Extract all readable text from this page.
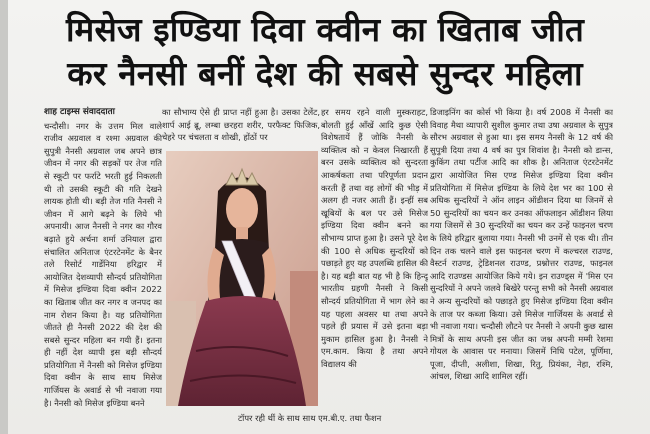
मिसेज इण्डिया दिवा क्वीन का खिताब जीत
कर नैनसी बनीं देश की सबसे सुन्दर महिला
शाह टाइम्स संवाददाता

चन्दौसी। नगर के उत्तम मिल वाले राजीव अग्रवाल व रश्मा अग्रवाल की सुपुत्री नैनसी अग्रवाल जब अपने छात्र जीवन में नगर की सड़कों पर तेज गति से स्कूटी पर फर्राटे भरती हुई निकलती थी तो उसकी स्कूटी की गति देखने लायक होती थी। बड़ी तेज गति नैनसी ने जीवन में आगे बढ़ने के लिये भी अपनायी। आज नैनसी ने नगर का गौरव बढ़ाते हुये अर्चना शर्मा उनियाल द्वारा संचालित अनिताज एंटरटेनमेंट के बैनर तले रिसोर्ट गार्डेनिया हरिद्वार में आयोजित देशव्यापी सौन्दर्य प्रतियोगिता में मिसेज इण्डिया दिवा क्वीन 2022 का खिताब जीत कर नगर व जनपद का नाम रोशन किया है। यह प्रतियोगिता जीतते ही नैनसी 2022 की देश की सबसे सुन्दर महिला बन गयी हैं। इतना ही नहीं देश व्यापी इस बड़ी सौन्दर्य प्रतियोगिता में नैनसी को मिसेज इण्डिया दिवा क्वीन के साथ साथ मिसेज गार्जियस के अवार्ड से भी नवाजा गया है। नैनसी को मिसेज इण्डिया बनने

का सौभाग्य ऐसे ही प्राप्त नहीं हुआ है। उसका टेलेंट, शार्प आई ब्रू, लम्बा छरहरा शरीर, परफैक्ट फिजिक, चेहरे पर चंचलता व शोखी, होंठों पर

टॉपर रही थीं के साथ साथ एम.बी.ए. तथा फैशन

हर समय रहने वाली मुस्कराहट, बोलती हुई आँखें आदि कुछ ऐसी विशेषतायें हैं जोकि नैनसी के व्यक्तित्व को न केवल निखारती हैं बरन उसके व्यक्तित्व को सुन्दरता आकर्षकता तथा परिपूर्णता प्रदान करती हैं तथा वह लोगों की भीड़ में अलग ही नजर आती हैं। इन्हीं सब खूबियों के बल पर उसे मिसेज इण्डिया दिवा क्वीन बनने का सौभाग्य प्राप्त हुआ है। उसने पूरे देश की 100 से अधिक सुन्दरियों को पछाड़ते हुए यह उपलब्धि हासिल की है। यह बड़ी बात यह भी है कि हिन्दू भारतीय ग्रहणी नैनसी ने किसी सौन्दर्य प्रतियोगिता में भाग लेने का यह पहला अवसर था तथा अपने पहले ही प्रयास में उसे इतना बड़ा मुकाम हासिल हुआ है। नैनसी ने एम.काम. किया है तथा अपने विद्यालय की

डिजाइनिंग का कोर्स भी किया है। वर्ष 2008 में नैनसी का विवाह मैथा व्यापारी सुशील कुमार तथा उषा अग्रवाल के सुपुत्र सौरभ अग्रवाल से हुआ था। इस समय नैनसी के 12 वर्ष की सुपुत्री दिया तथा 4 वर्ष का पुत्र शिवांश है। नैनसी को डान्स, कुकिंग तथा पर्टीज आदि का शौक है। अनिताज एंटरटेनमेंट द्वारा आयोजित मिस एण्ड मिसेज इण्डिया दिवा क्वीन प्रतियोगिता में मिसेज इण्डिया के लिये देश भर का 100 से अधिक सुन्दरियों ने ऑन लाइन ऑडीशन दिया था जिनमें से 50 सुन्दरियों का चयन कर उनका ऑफलाइन ऑडीशन लिया गया जिसमें से 30 सुन्दरियों का चयन कर उन्हें फाइनल चरण के लिये हरिद्वार बुलाया गया। नैनसी भी उनमें से एक थी। तीन दिन तक चलने वाले इस फाइनल चरण में कल्चरल राउण्ड, वैस्टर्न राउण्ड, ट्रेडिशनल राउण्ड, प्रश्नोत्तर राउण्ड, फाइनल आदि राउण्डस आयोजित किये गये। इन राउण्ड्स में 'मिस एन सुन्दरियों ने अपने जलवे बिखेरे परन्तु सभी को नैनसी अग्रवाल ने अन्य सुन्दरियों को पछाड़ते हुए मिसेज इण्डिया दिवा क्वीन के ताज पर कब्जा किया। उसे मिसेज गार्जियस के अवार्ड से भी नवाजा गया। चन्दौसी लौटने पर नैनसी ने अपनी कुछ खास मित्रों के साथ अपनी इस जीत का जश्न अपनी मम्मी रेशमा गोयल के आवास पर मनाया। जिसमें निधि पटेल, पूर्णिमा, पूजा, दीप्ती, अलीशा, शिखा, रितु, प्रियंका, नेहा, रश्मि, आंचल, शिखा आदि शामिल रहीं।
